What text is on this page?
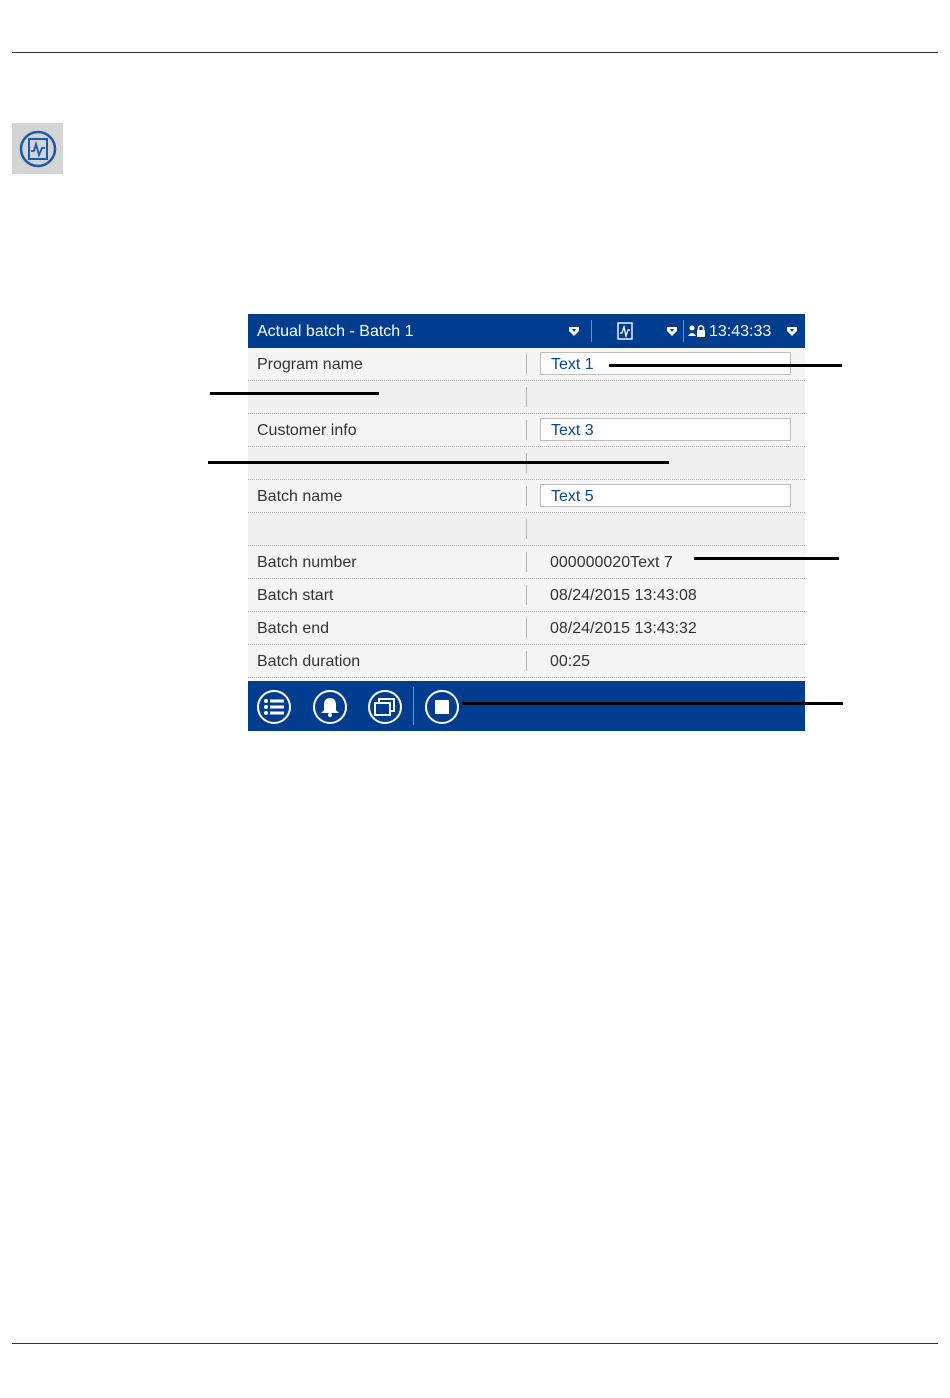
Actual batch - Batch 1	13:43:33
Program name	Text 1
Customer info	Text 3
Batch name	Text 5
Batch number	000000020Text 7
Batch start	08/24/2015 13:43:08
Batch end	08/24/2015 13:43:32
Batch duration	00:25
